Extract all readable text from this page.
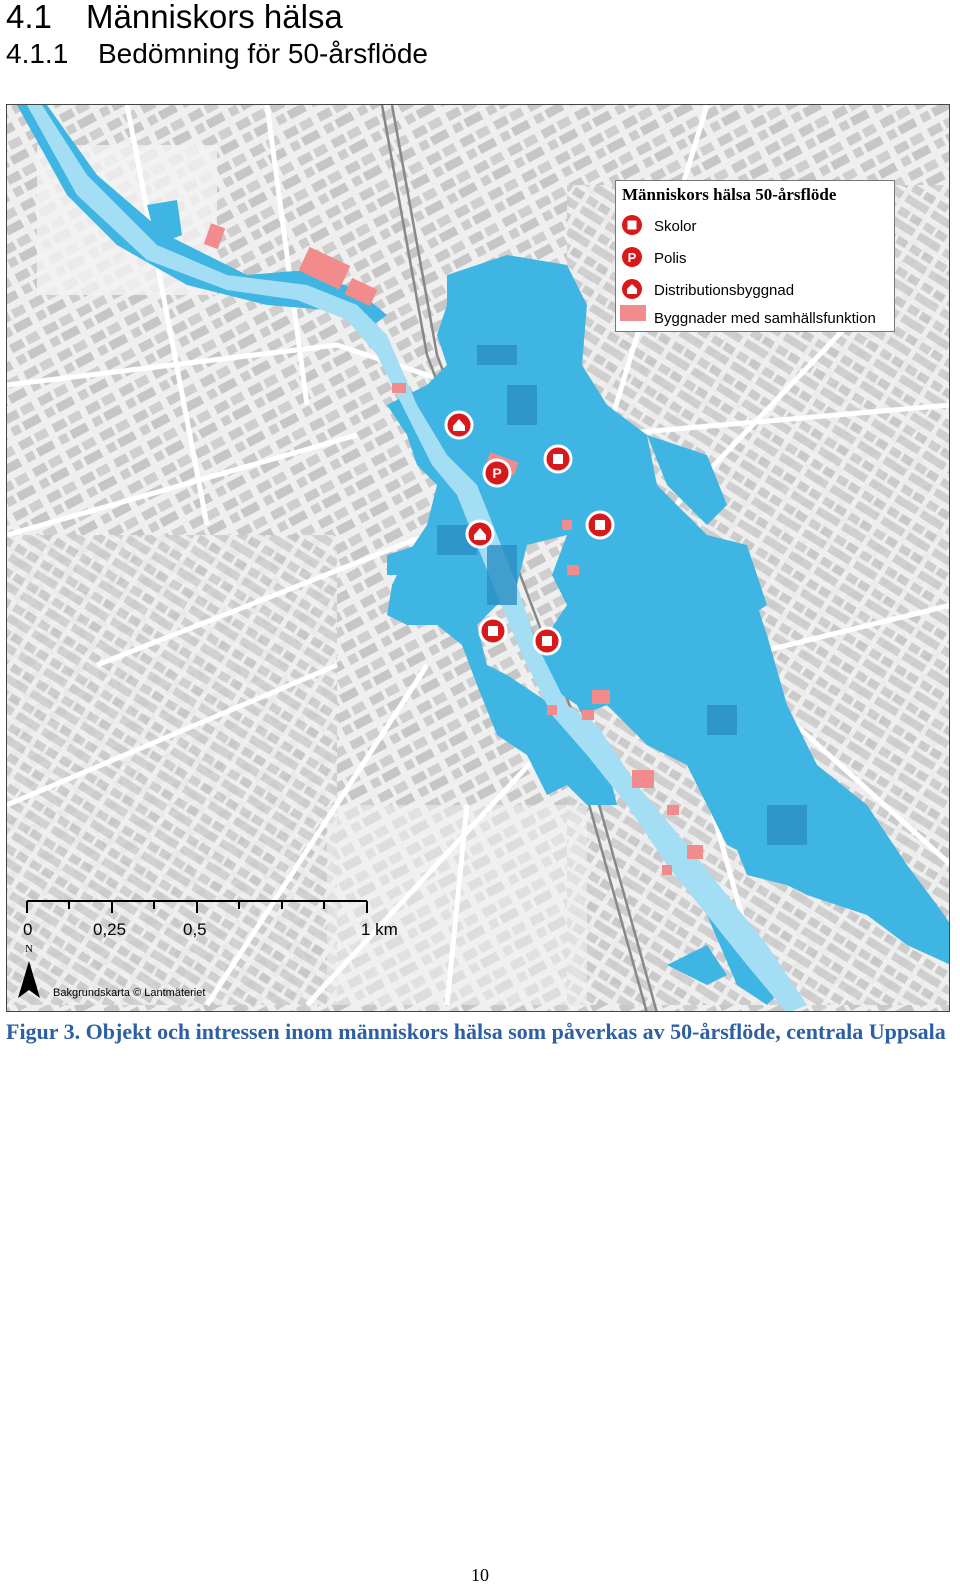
4.1 Människors hälsa
4.1.1 Bedömning för 50-årsflöde
P
Människors hälsa 50-årsflöde
Skolor
P Polis
Distributionsbyggnad
Byggnader med samhällsfunktion
0	0,25	0,5	1 km
N
Bakgrundskarta © Lantmäteriet
Figur 3. Objekt och intressen inom människors hälsa som påverkas av 50-årsflöde, centrala Uppsala
10
